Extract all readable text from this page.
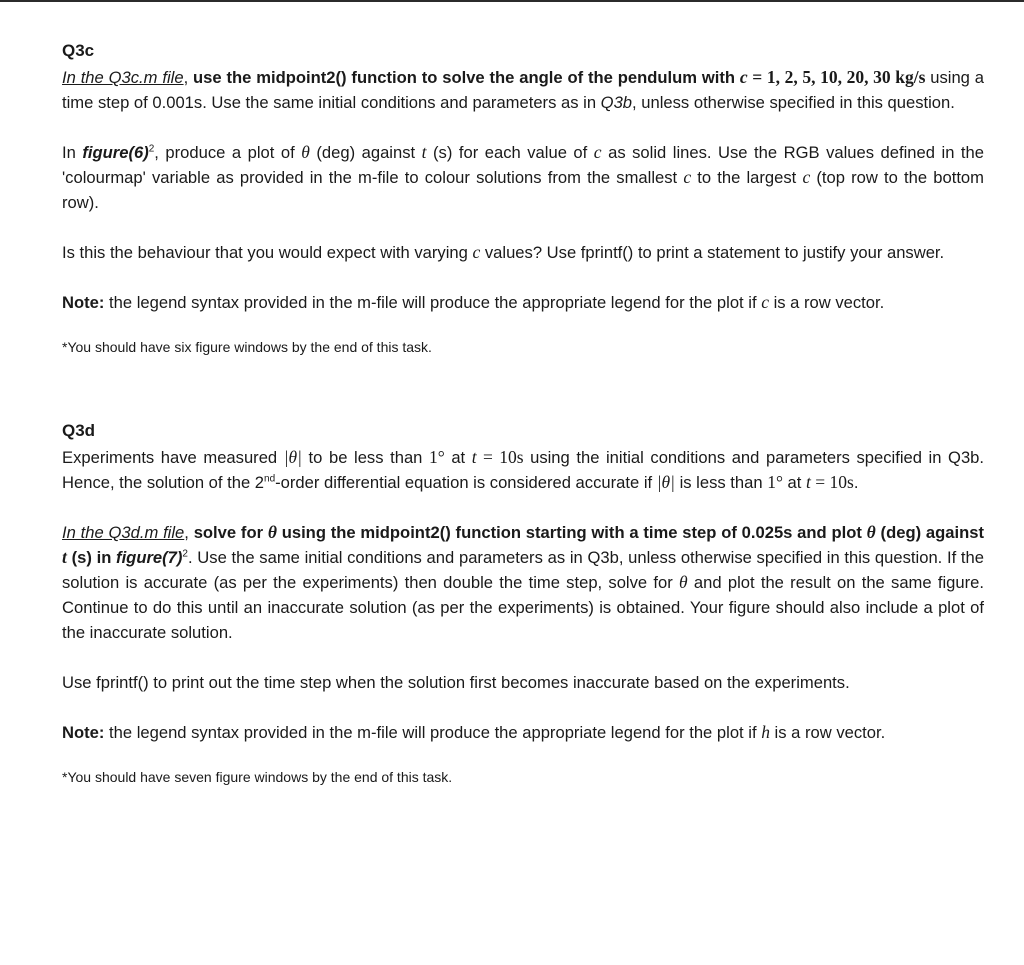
Q3c

In the Q3c.m file, use the midpoint2() function to solve the angle of the pendulum with c = 1, 2, 5, 10, 20, 30 kg/s using a time step of 0.001s. Use the same initial conditions and parameters as in Q3b, unless otherwise specified in this question.

In $figure(6)^2$, produce a plot of θ (deg) against t (s) for each value of c as solid lines. Use the RGB values defined in the 'colourmap' variable as provided in the m-file to colour solutions from the smallest c to the largest c (top row to the bottom row).

Is this the behaviour that you would expect with varying c values? Use fprintf() to print a statement to justify your answer.

Note: the legend syntax provided in the m-file will produce the appropriate legend for the plot if c is a row vector.

*You should have six figure windows by the end of this task.

Q3d

Experiments have measured |θ| to be less than 1° at t = 10s using the initial conditions and parameters specified in Q3b. Hence, the solution of the 2nd-order differential equation is considered accurate if |θ| is less than 1° at t = 10s.

In the Q3d.m file, solve for θ using the midpoint2() function starting with a time step of 0.025s and plot θ (deg) against t (s) in $figure(7)^2$. Use the same initial conditions and parameters as in Q3b, unless otherwise specified in this question. If the solution is accurate (as per the experiments) then double the time step, solve for θ and plot the result on the same figure. Continue to do this until an inaccurate solution (as per the experiments) is obtained. Your figure should also include a plot of the inaccurate solution.

Use fprintf() to print out the time step when the solution first becomes inaccurate based on the experiments.

Note: the legend syntax provided in the m-file will produce the appropriate legend for the plot if h is a row vector.

*You should have seven figure windows by the end of this task.
